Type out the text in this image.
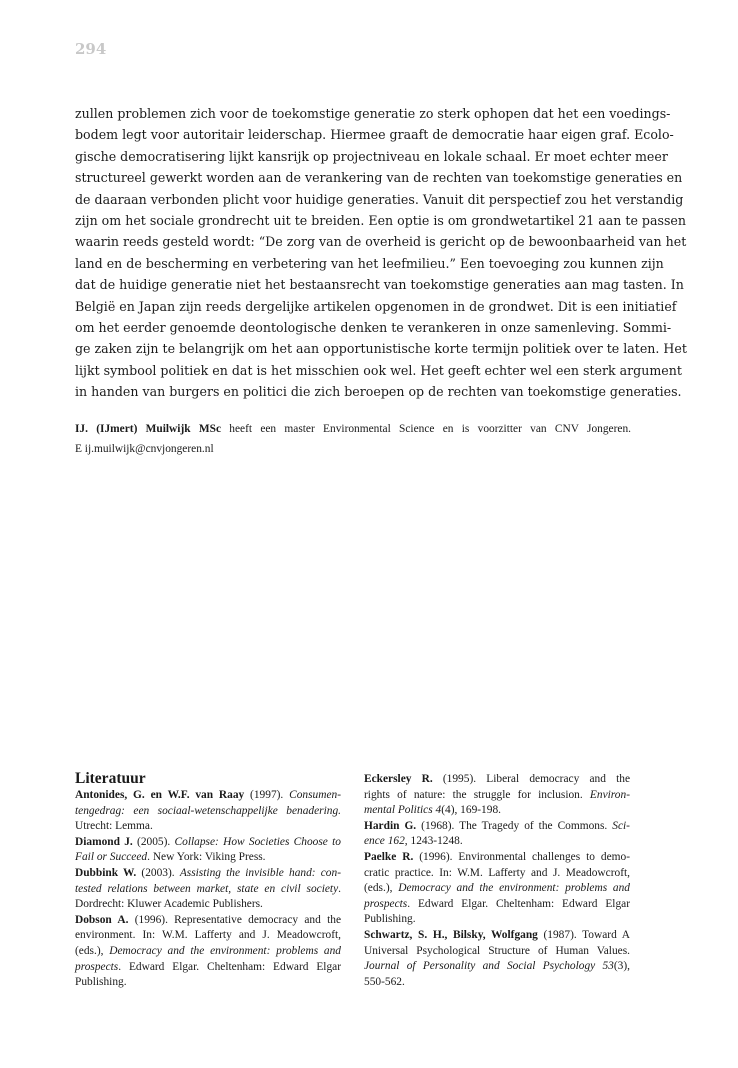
294
zullen problemen zich voor de toekomstige generatie zo sterk ophopen dat het een voedings-
bodem legt voor autoritair leiderschap. Hiermee graaft de democratie haar eigen graf. Ecolo-
gische democratisering lijkt kansrijk op projectniveau en lokale schaal. Er moet echter meer
structureel gewerkt worden aan de verankering van de rechten van toekomstige generaties en
de daaraan verbonden plicht voor huidige generaties. Vanuit dit perspectief zou het verstandig
zijn om het sociale grondrecht uit te breiden. Een optie is om grondwetartikel 21 aan te passen
waarin reeds gesteld wordt: “De zorg van de overheid is gericht op de bewoonbaarheid van het
land en de bescherming en verbetering van het leefmilieu.” Een toevoeging zou kunnen zijn
dat de huidige generatie niet het bestaansrecht van toekomstige generaties aan mag tasten. In
België en Japan zijn reeds dergelijke artikelen opgenomen in de grondwet. Dit is een initiatief
om het eerder genoemde deontologische denken te verankeren in onze samenleving. Sommi-
ge zaken zijn te belangrijk om het aan opportunistische korte termijn politiek over te laten. Het
lijkt symbool politiek en dat is het misschien ook wel. Het geeft echter wel een sterk argument
in handen van burgers en politici die zich beroepen op de rechten van toekomstige generaties.
IJ. (IJmert) Muilwijk MSc heeft een master Environmental Science en is voorzitter van CNV Jongeren.
E ij.muilwijk@cnvjongeren.nl
Literatuur
Antonides, G. en W.F. van Raay (1997). Consumen-
tengedrag: een sociaal-wetenschappelijke benadering.
Utrecht: Lemma.
Diamond J. (2005). Collapse: How Societies Choose to
Fail or Succeed. New York: Viking Press.
Dubbink W. (2003). Assisting the invisible hand: con-
tested relations between market, state en civil society.
Dordrecht: Kluwer Academic Publishers.
Dobson A. (1996). Representative democracy and the
environment. In: W.M. Lafferty and J. Meadowcroft,
(eds.), Democracy and the environment: problems and
prospects. Edward Elgar. Cheltenham: Edward Elgar
Publishing.
Eckersley R. (1995). Liberal democracy and the
rights of nature: the struggle for inclusion. Environ-
mental Politics 4(4), 169-198.
Hardin G. (1968). The Tragedy of the Commons. Sci-
ence 162, 1243-1248.
Paelke R. (1996). Environmental challenges to demo-
cratic practice. In: W.M. Lafferty and J. Meadowcroft,
(eds.), Democracy and the environment: problems and
prospects. Edward Elgar. Cheltenham: Edward Elgar
Publishing.
Schwartz, S. H., Bilsky, Wolfgang (1987). Toward A
Universal Psychological Structure of Human Values.
Journal of Personality and Social Psychology 53(3),
550-562.
